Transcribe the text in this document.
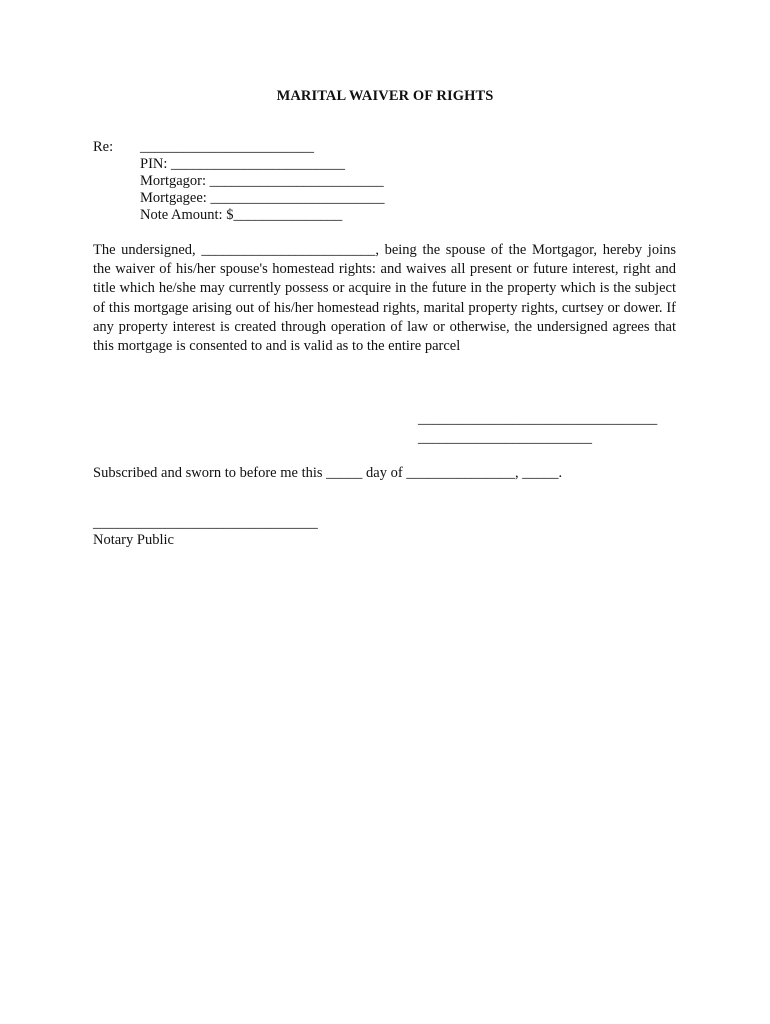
MARITAL WAIVER OF RIGHTS
Re: ________________________
PIN: ________________________
Mortgagor: ________________________
Mortgagee: ________________________
Note Amount: $_______________
The undersigned, ________________________, being the spouse of the Mortgagor, hereby joins the waiver of his/her spouse's homestead rights: and waives all present or future interest, right and title which he/she may currently possess or acquire in the future in the property which is the subject of this mortgage arising out of his/her homestead rights, marital property rights, curtsey or dower. If any property interest is created through operation of law or otherwise, the undersigned agrees that this mortgage is consented to and is valid as to the entire parcel
_________________________________
________________________
Subscribed and sworn to before me this _____ day of _______________, _____.
_______________________________
Notary Public
